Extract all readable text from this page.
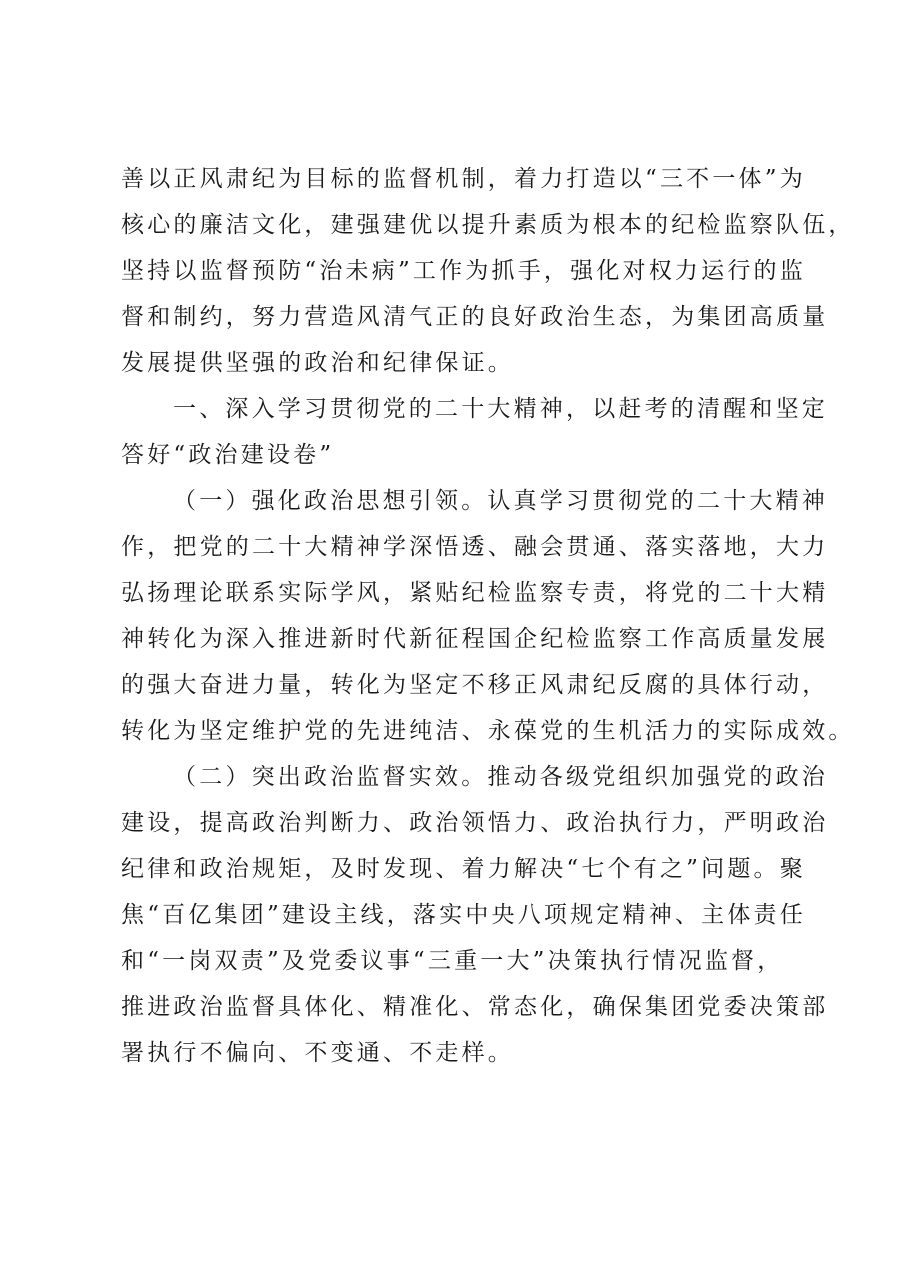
善以正风肃纪为目标的监督机制，着力打造以“三不一体”为
核心的廉洁文化，建强建优以提升素质为根本的纪检监察队伍，
坚持以监督预防“治未病”工作为抓手，强化对权力运行的监
督和制约，努力营造风清气正的良好政治生态，为集团高质量
发展提供坚强的政治和纪律保证。
一、深入学习贯彻党的二十大精神，以赶考的清醒和坚定
答好“政治建设卷”
（一）强化政治思想引领。认真学习贯彻党的二十大精神
作，把党的二十大精神学深悟透、融会贯通、落实落地，大力
弘扬理论联系实际学风，紧贴纪检监察专责，将党的二十大精
神转化为深入推进新时代新征程国企纪检监察工作高质量发展
的强大奋进力量，转化为坚定不移正风肃纪反腐的具体行动，
转化为坚定维护党的先进纯洁、永葆党的生机活力的实际成效。
（二）突出政治监督实效。推动各级党组织加强党的政治
建设，提高政治判断力、政治领悟力、政治执行力，严明政治
纪律和政治规矩，及时发现、着力解决“七个有之”问题。聚
焦“百亿集团”建设主线，落实中央八项规定精神、主体责任
和“一岗双责”及党委议事“三重一大”决策执行情况监督，
推进政治监督具体化、精准化、常态化，确保集团党委决策部
署执行不偏向、不变通、不走样。
